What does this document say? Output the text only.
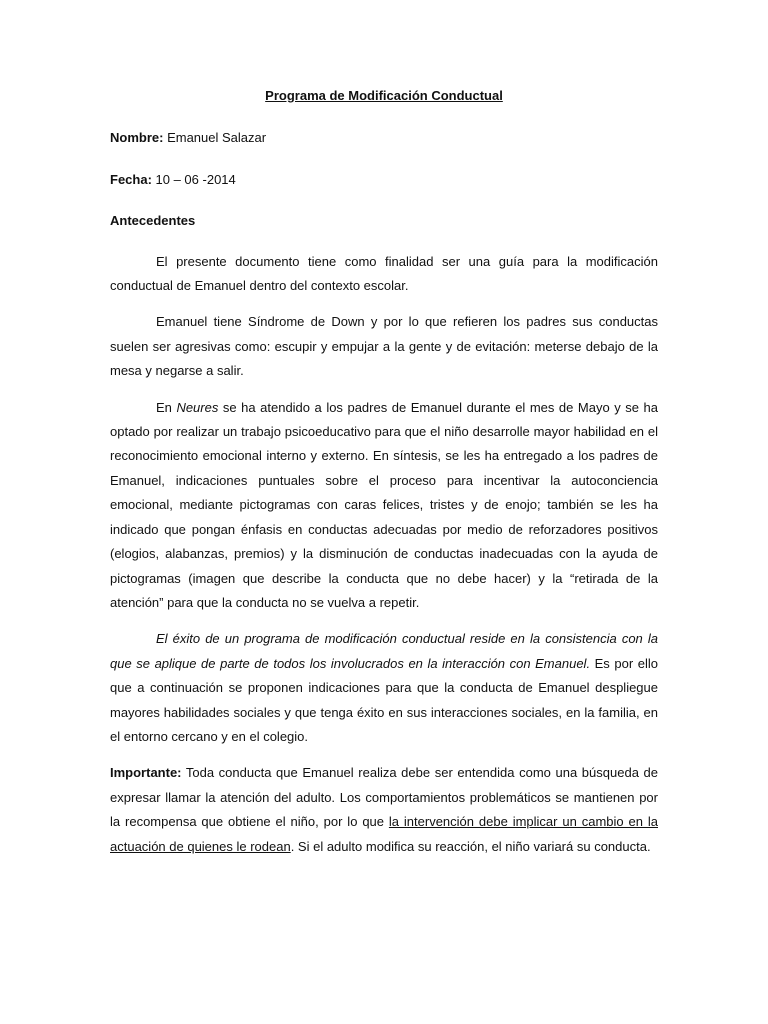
Programa de Modificación Conductual
Nombre: Emanuel Salazar
Fecha: 10 – 06 -2014
Antecedentes

El presente documento tiene como finalidad ser una guía para la modificación conductual de Emanuel dentro del contexto escolar.

Emanuel tiene Síndrome de Down y por lo que refieren los padres sus conductas suelen ser agresivas como: escupir y empujar a la gente y de evitación: meterse debajo de la mesa y negarse a salir.

En Neures se ha atendido a los padres de Emanuel durante el mes de Mayo y se ha optado por realizar un trabajo psicoeducativo para que el niño desarrolle mayor habilidad en el reconocimiento emocional interno y externo. En síntesis, se les ha entregado a los padres de Emanuel, indicaciones puntuales sobre el proceso para incentivar la autoconciencia emocional, mediante pictogramas con caras felices, tristes y de enojo; también se les ha indicado que pongan énfasis en conductas adecuadas por medio de reforzadores positivos (elogios, alabanzas, premios) y la disminución de conductas inadecuadas con la ayuda de pictogramas (imagen que describe la conducta que no debe hacer) y la “retirada de la atención” para que la conducta no se vuelva a repetir.

El éxito de un programa de modificación conductual reside en la consistencia con la que se aplique de parte de todos los involucrados en la interacción con Emanuel. Es por ello que a continuación se proponen indicaciones para que la conducta de Emanuel despliegue mayores habilidades sociales y que tenga éxito en sus interacciones sociales, en la familia, en el entorno cercano y en el colegio.

Importante: Toda conducta que Emanuel realiza debe ser entendida como una búsqueda de expresar llamar la atención del adulto. Los comportamientos problemáticos se mantienen por la recompensa que obtiene el niño, por lo que la intervención debe implicar un cambio en la actuación de quienes le rodean. Si el adulto modifica su reacción, el niño variará su conducta.
